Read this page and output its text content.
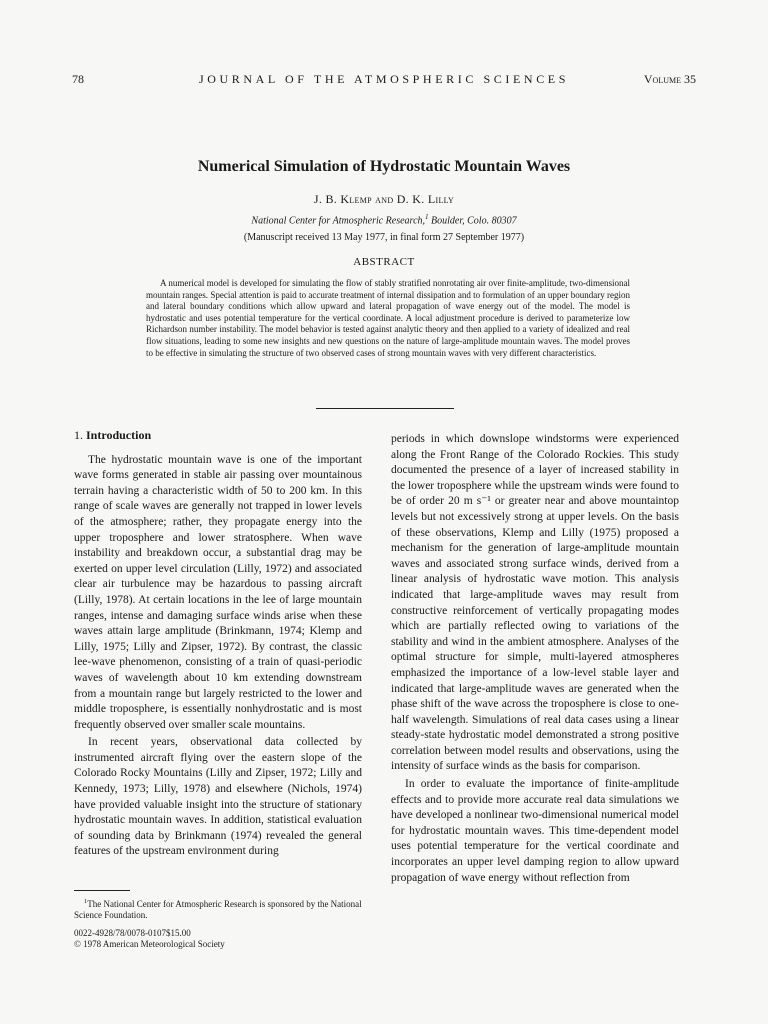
78	JOURNAL OF THE ATMOSPHERIC SCIENCES	Volume 35
Numerical Simulation of Hydrostatic Mountain Waves
J. B. Klemp and D. K. Lilly
National Center for Atmospheric Research,$^1$ Boulder, Colo. 80307
(Manuscript received 13 May 1977, in final form 27 September 1977)
ABSTRACT
A numerical model is developed for simulating the flow of stably stratified nonrotating air over finite-amplitude, two-dimensional mountain ranges. Special attention is paid to accurate treatment of internal dissipation and to formulation of an upper boundary region and lateral boundary conditions which allow upward and lateral propagation of wave energy out of the model. The model is hydrostatic and uses potential temperature for the vertical coordinate. A local adjustment procedure is derived to parameterize low Richardson number instability. The model behavior is tested against analytic theory and then applied to a variety of idealized and real flow situations, leading to some new insights and new questions on the nature of large-amplitude mountain waves. The model proves to be effective in simulating the structure of two observed cases of strong mountain waves with very different characteristics.
1. Introduction

The hydrostatic mountain wave is one of the important wave forms generated in stable air passing over mountainous terrain having a characteristic width of 50 to 200 km. In this range of scale waves are generally not trapped in lower levels of the atmosphere; rather, they propagate energy into the upper troposphere and lower stratosphere. When wave instability and breakdown occur, a substantial drag may be exerted on upper level circulation (Lilly, 1972) and associated clear air turbulence may be hazardous to passing aircraft (Lilly, 1978). At certain locations in the lee of large mountain ranges, intense and damaging surface winds arise when these waves attain large amplitude (Brinkmann, 1974; Klemp and Lilly, 1975; Lilly and Zipser, 1972). By contrast, the classic lee-wave phenomenon, consisting of a train of quasi-periodic waves of wavelength about 10 km extending downstream from a mountain range but largely restricted to the lower and middle troposphere, is essentially nonhydrostatic and is most frequently observed over smaller scale mountains.

In recent years, observational data collected by instrumented aircraft flying over the eastern slope of the Colorado Rocky Mountains (Lilly and Zipser, 1972; Lilly and Kennedy, 1973; Lilly, 1978) and elsewhere (Nichols, 1974) have provided valuable insight into the structure of stationary hydrostatic mountain waves. In addition, statistical evaluation of sounding data by Brinkmann (1974) revealed the general features of the upstream environment during

periods in which downslope windstorms were experienced along the Front Range of the Colorado Rockies. This study documented the presence of a layer of increased stability in the lower troposphere while the upstream winds were found to be of order 20 m s⁻¹ or greater near and above mountaintop levels but not excessively strong at upper levels. On the basis of these observations, Klemp and Lilly (1975) proposed a mechanism for the generation of large-amplitude mountain waves and associated strong surface winds, derived from a linear analysis of hydrostatic wave motion. This analysis indicated that large-amplitude waves may result from constructive reinforcement of vertically propagating modes which are partially reflected owing to variations of the stability and wind in the ambient atmosphere. Analyses of the optimal structure for simple, multi-layered atmospheres emphasized the importance of a low-level stable layer and indicated that large-amplitude waves are generated when the phase shift of the wave across the troposphere is close to one-half wavelength. Simulations of real data cases using a linear steady-state hydrostatic model demonstrated a strong positive correlation between model results and observations, using the intensity of surface winds as the basis for comparison.

In order to evaluate the importance of finite-amplitude effects and to provide more accurate real data simulations we have developed a nonlinear two-dimensional numerical model for hydrostatic mountain waves. This time-dependent model uses potential temperature for the vertical coordinate and incorporates an upper level damping region to allow upward propagation of wave energy without reflection from

$^1$The National Center for Atmospheric Research is sponsored by the National Science Foundation.
0022-4928/78/0078-0107$15.00
© 1978 American Meteorological Society
